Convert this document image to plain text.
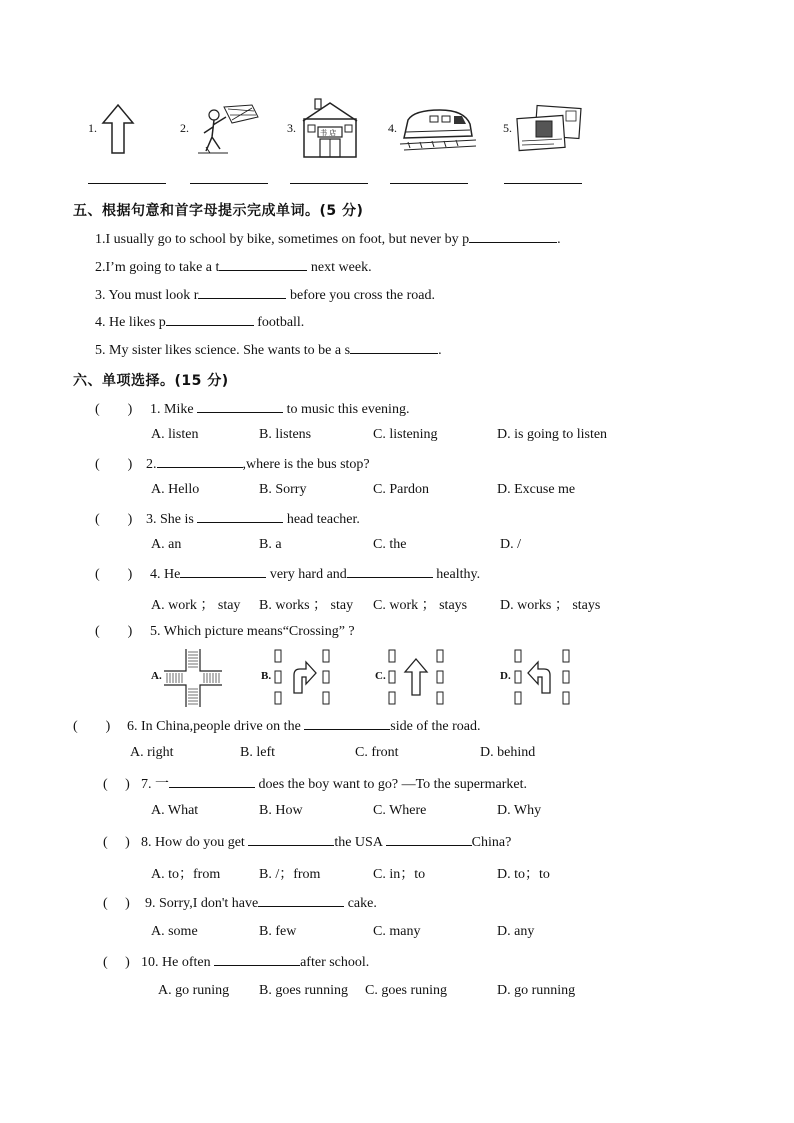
1.	2.	3.	书 店	4.	5.
五、根据句意和首字母提示完成单词。(5 分)
1.I usually go to school by bike, sometimes on foot, but never by p	.
2.I’m going to take a t	next week.
3. You must look r	before you cross the road.
4. He likes p	football.
5. My sister likes science. She wants to be a s	.
六、单项选择。(15 分)
(        ) 1. Mike	to music this evening.
A. listen	B. listens	C. listening	D. is going to listen
(        ) 2.	,where is the bus stop?
A. Hello	B. Sorry	C. Pardon	D. Excuse me
(        ) 3. She is	head teacher.
A. an	B. a	C. the	D. /
(        ) 4. He	very hard and	healthy.
A. work ； stay B. works ； stay C. work ； stays D. works ； stays
(        ) 5. Which picture means“Crossing” ?
A.	B.	C.	D.
(        ) 6. In China,people drive on the	side of the road.
A. right	B. left	C. front	D. behind
(     ) 7. 一	does the boy want to go? —To the supermarket.
A. What	B. How	C. Where	D. Why
(     ) 8. How do you get	the USA	China?
A. to；from	B. /；from	C. in；to	D. to；to
(     ) 9. Sorry,I don't have	cake.
A. some	B. few	C. many	D. any
(     ) 10. He often	after school.
A. go runing B. goes running C. goes runing	D. go running
